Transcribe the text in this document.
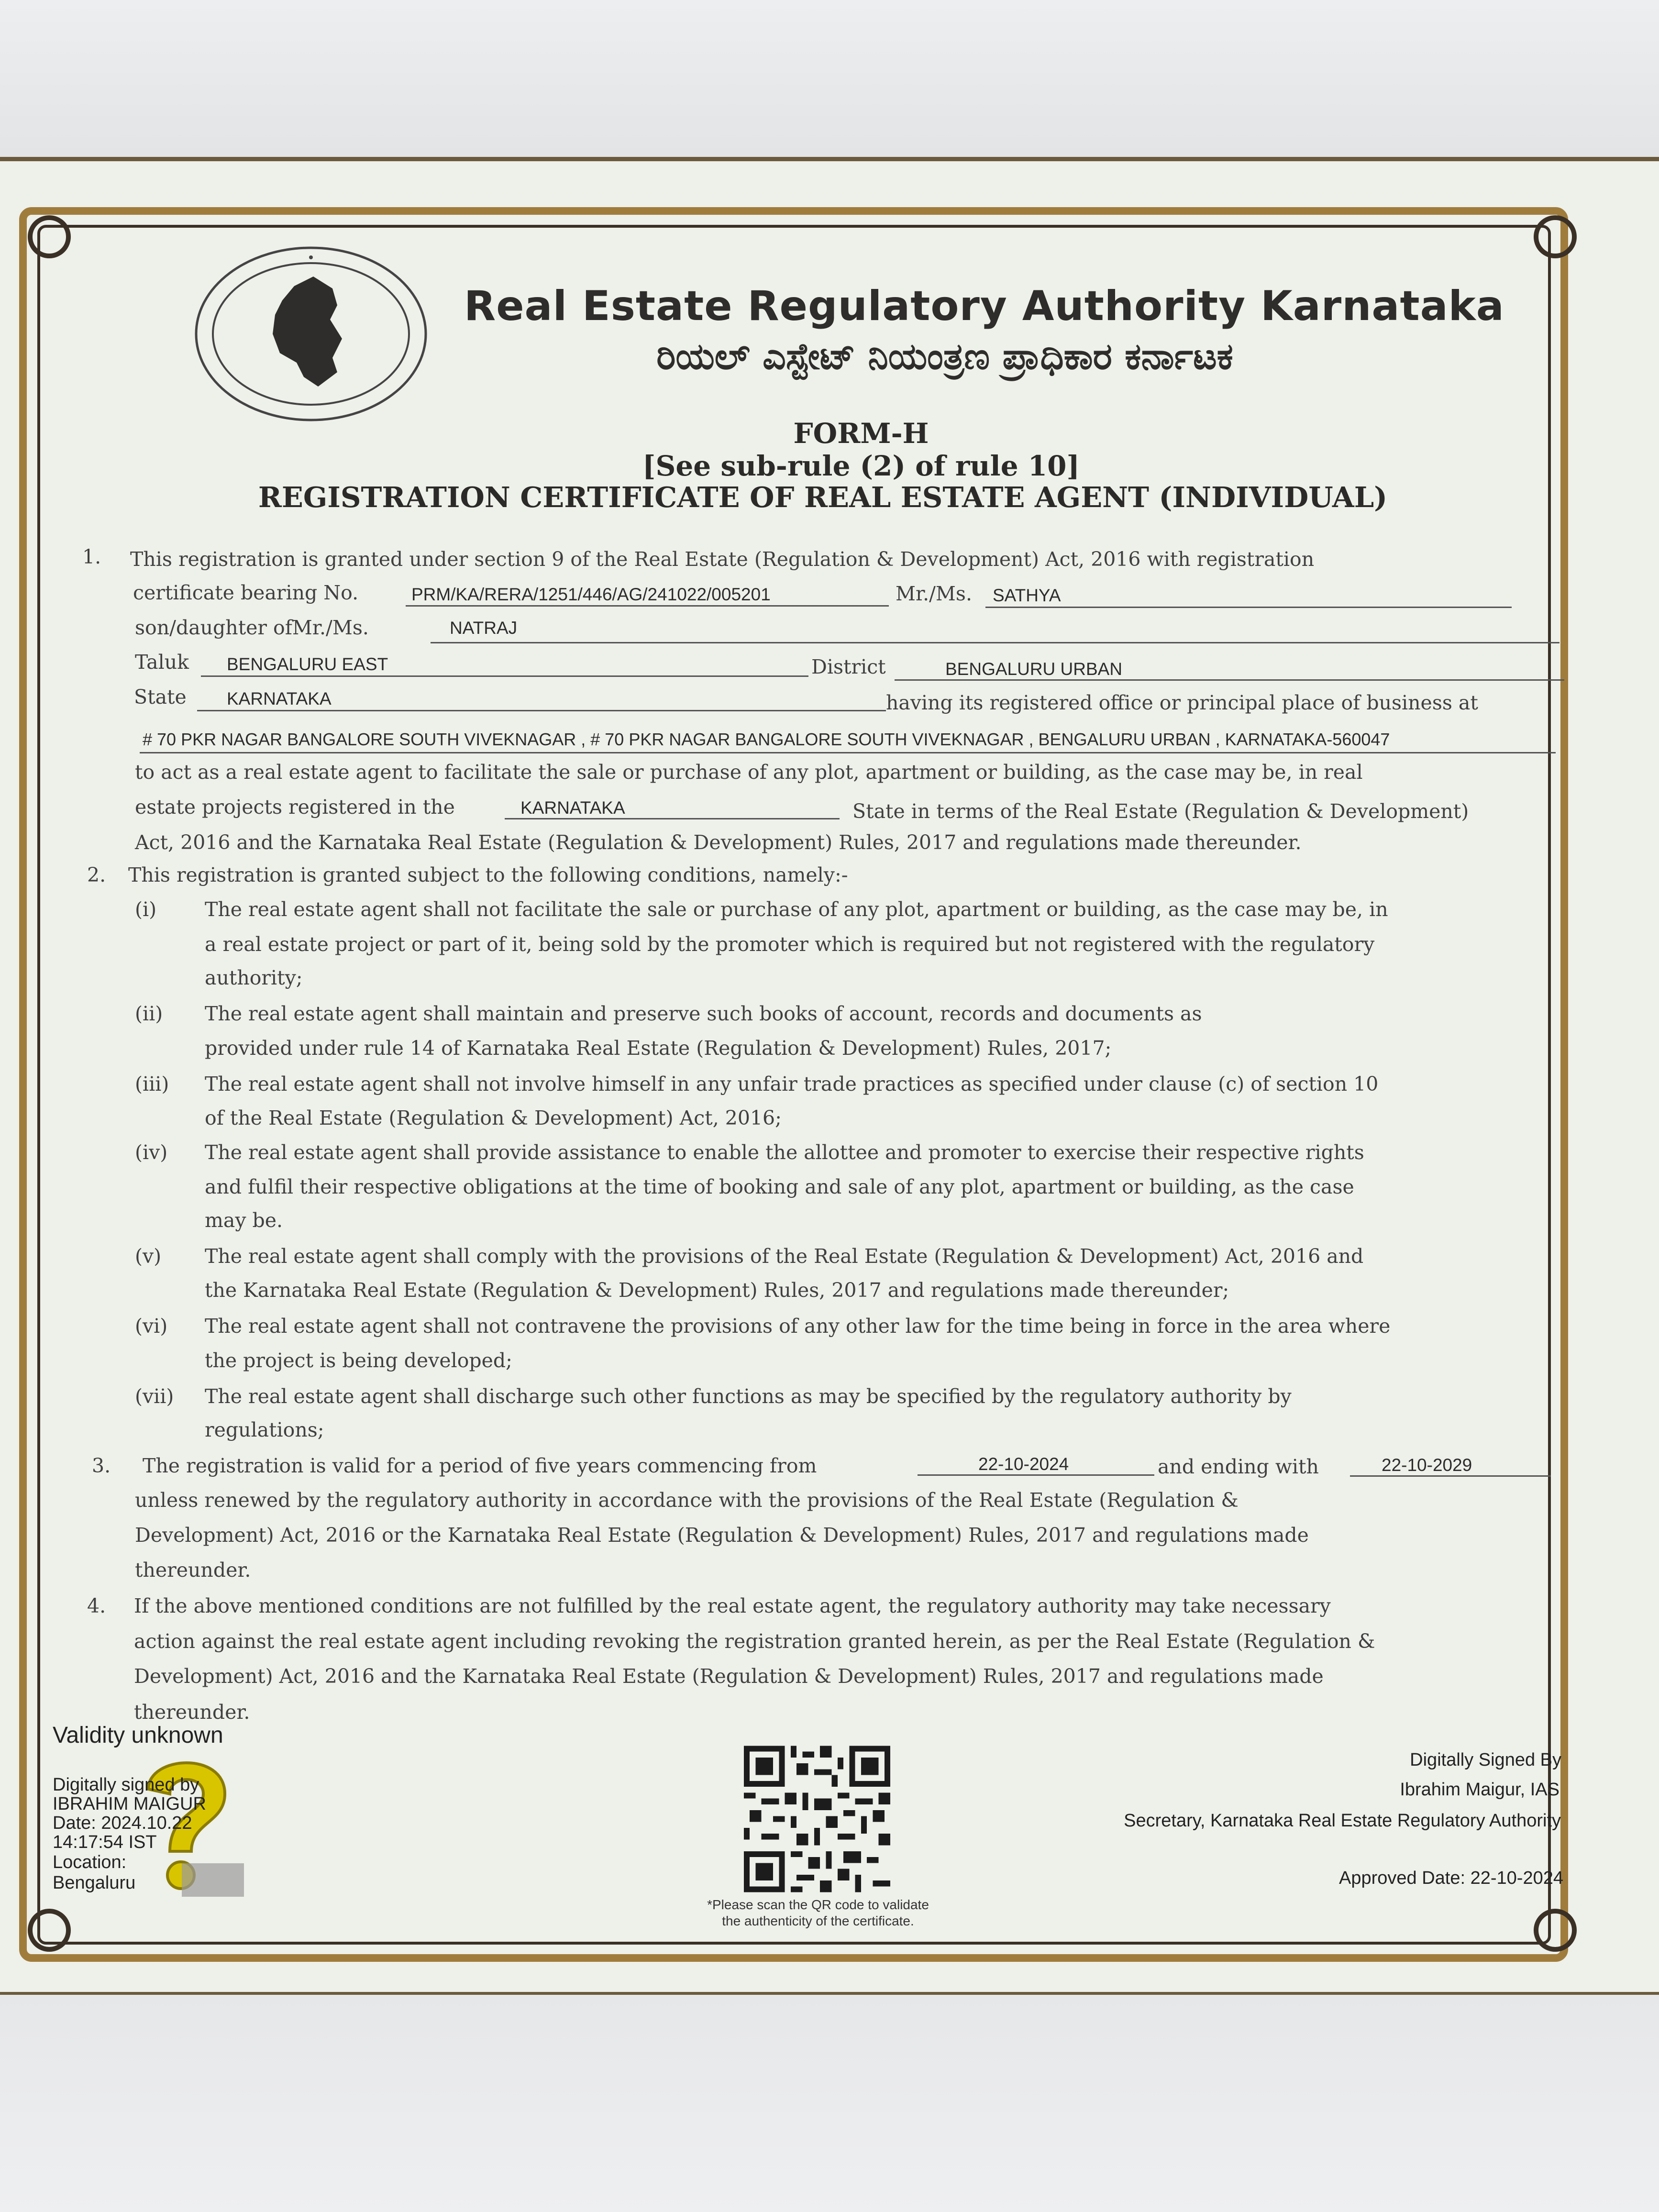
Real Estate Regulatory Authority Karnataka
ರಿಯಲ್ ಎಸ್ಟೇಟ್ ನಿಯಂತ್ರಣ ಪ್ರಾಧಿಕಾರ ಕರ್ನಾಟಕ
FORM-H
[See sub-rule (2) of rule 10]
REGISTRATION CERTIFICATE OF REAL ESTATE AGENT (INDIVIDUAL)
1. This registration is granted under section 9 of the Real Estate (Regulation & Development) Act, 2016 with registration
certificate bearing No.	PRM/KA/RERA/1251/446/AG/241022/005201	Mr./Ms. SATHYA
son/daughter ofMr./Ms.	NATRAJ
Taluk BENGALURU EAST	District	BENGALURU URBAN
State KARNATAKA	having its registered office or principal place of business at
# 70 PKR NAGAR BANGALORE SOUTH VIVEKNAGAR , # 70 PKR NAGAR BANGALORE SOUTH VIVEKNAGAR , BENGALURU URBAN , KARNATAKA-560047
to act as a real estate agent to facilitate the sale or purchase of any plot, apartment or building, as the case may be, in real
estate projects registered in the	KARNATAKA	State in terms of the Real Estate (Regulation & Development)
Act, 2016 and the Karnataka Real Estate (Regulation & Development) Rules, 2017 and regulations made thereunder.
2. This registration is granted subject to the following conditions, namely:-
(i) The real estate agent shall not facilitate the sale or purchase of any plot, apartment or building, as the case may be, in
a real estate project or part of it, being sold by the promoter which is required but not registered with the regulatory
authority;
(ii) The real estate agent shall maintain and preserve such books of account, records and documents as
provided under rule 14 of Karnataka Real Estate (Regulation & Development) Rules, 2017;
(iii) The real estate agent shall not involve himself in any unfair trade practices as specified under clause (c) of section 10
of the Real Estate (Regulation & Development) Act, 2016;
(iv) The real estate agent shall provide assistance to enable the allottee and promoter to exercise their respective rights
and fulfil their respective obligations at the time of booking and sale of any plot, apartment or building, as the case
may be.
(v) The real estate agent shall comply with the provisions of the Real Estate (Regulation & Development) Act, 2016 and
the Karnataka Real Estate (Regulation & Development) Rules, 2017 and regulations made thereunder;
(vi) The real estate agent shall not contravene the provisions of any other law for the time being in force in the area where
the project is being developed;
(vii) The real estate agent shall discharge such other functions as may be specified by the regulatory authority by
regulations;
3. The registration is valid for a period of five years commencing from	22-10-2024	and ending with	22-10-2029
unless renewed by the regulatory authority in accordance with the provisions of the Real Estate (Regulation &
Development) Act, 2016 or the Karnataka Real Estate (Regulation & Development) Rules, 2017 and regulations made
thereunder.
4. If the above mentioned conditions are not fulfilled by the real estate agent, the regulatory authority may take necessary
action against the real estate agent including revoking the registration granted herein, as per the Real Estate (Regulation &
Development) Act, 2016 and the Karnataka Real Estate (Regulation & Development) Rules, 2017 and regulations made
thereunder.
Validity unknown
Digitally signed by
IBRAHIM MAIGUR
Date: 2024.10.22
14:17:54 IST
Location:
Bengaluru
*Please scan the QR code to validate
the authenticity of the certificate.
Digitally Signed By
Ibrahim Maigur, IAS
Secretary, Karnataka Real Estate Regulatory Authority
Approved Date: 22-10-2024
